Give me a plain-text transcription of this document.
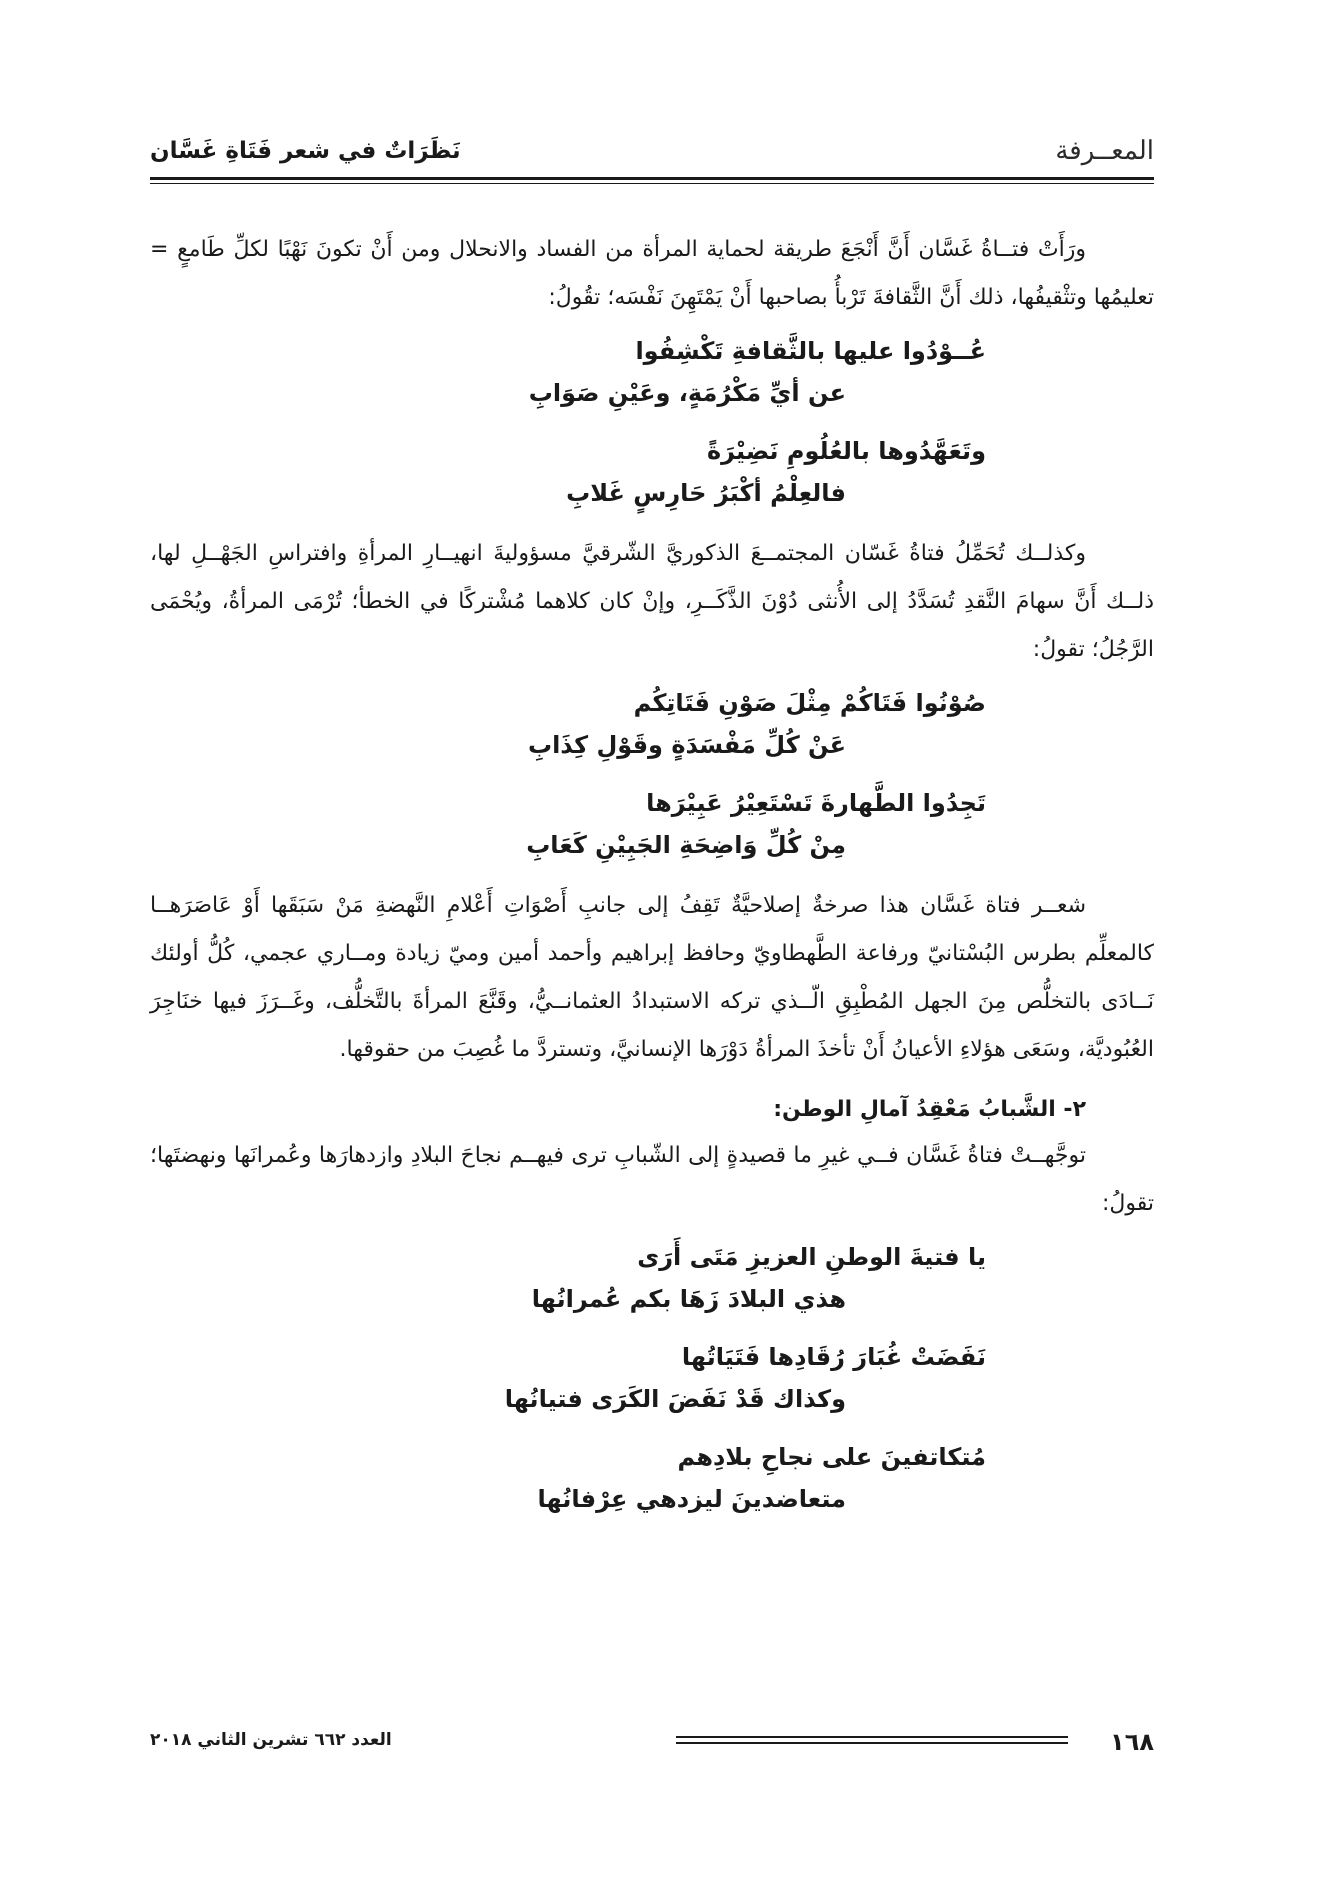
المعــرفة
نَظَرَاتٌ في شعر فَتَاةِ غَسَّان

ورَأَتْ فتــاةُ غَسَّان أَنَّ أَنْجَعَ طريقة لحماية المرأة من الفساد والانحلال ومن أَنْ تكونَ نَهْبًا لكلِّ طَامعٍ = تعليمُها وتثْقيفُها، ذلك أَنَّ الثَّقافةَ تَرْبأُ بصاحبها أَنْ يَمْتَهِنَ نَفْسَه؛ تقُولُ:

عُــوْدُوا عليها بالثَّقافةِ تَكْشِفُوا
عن أيِّ مَكْرُمَةٍ، وعَيْنِ صَوَابِ
وتَعَهَّدُوها بالعُلُومِ نَضِيْرَةً
فالعِلْمُ أكْبَرُ حَارِسٍ غَلابِ

وكذلــك تُحَمِّلُ فتاةُ غَسّان المجتمــعَ الذكوريَّ الشّرقيَّ مسؤوليةَ انهيــارِ المرأةِ وافتراسِ الجَهْــلِ لها، ذلــك أَنَّ سهامَ النَّقدِ تُسَدَّدُ إلى الأُنثى دُوْنَ الذَّكَــرِ، وإنْ كان كلاهما مُشْتركًا في الخطأ؛ تُرْمَى المرأةُ، ويُحْمَى الرَّجُلُ؛ تقولُ:

صُوْنُوا فَتَاكُمْ مِثْلَ صَوْنِ فَتَاتِكُم
عَنْ كُلِّ مَفْسَدَةٍ وقَوْلِ كِذَابِ
تَجِدُوا الطَّهارةَ تَسْتَعِيْرُ عَبِيْرَها
مِنْ كُلِّ وَاضِحَةِ الجَبِيْنِ كَعَابِ

شعــر فتاة غَسَّان هذا صرخةٌ إصلاحيَّةٌ تَقِفُ إلى جانبِ أَصْوَاتِ أَعْلامِ النَّهضةِ مَنْ سَبَقَها أَوْ عَاصَرَهــا كالمعلِّم بطرس البُسْتانيّ ورفاعة الطَّهطاويّ وحافظ إبراهيم وأحمد أمين وميّ زيادة ومــاري عجمي، كُلُّ أولئك نَــادَى بالتخلُّص مِنَ الجهل المُطْبِقِ الّــذي تركه الاستبدادُ العثمانــيُّ، وقَنَّعَ المرأةَ بالتَّخلُّف، وغَــرَزَ فيها خنَاجِرَ العُبُوديَّة، وسَعَى هؤلاءِ الأعيانُ أَنْ تأخذَ المرأةُ دَوْرَها الإنسانيَّ، وتستردَّ ما غُصِبَ من حقوقها.

٢- الشَّبابُ مَعْقِدُ آمالِ الوطن:

توجَّهــتْ فتاةُ غَسَّان فــي غيرِ ما قصيدةٍ إلى الشّبابِ ترى فيهــم نجاحَ البلادِ وازدهارَها وعُمرانَها ونهضتَها؛ تقولُ:

يا فتيةَ الوطنِ العزيزِ مَتَى أَرَى
هذي البلادَ زَهَا بكم عُمرانُها
نَفَضَتْ غُبَارَ رُقَادِها فَتَيَاتُها
وكذاك قَدْ نَفَضَ الكَرَى فتيانُها
مُتكاتفينَ على نجاحِ بلادِهم
متعاضدينَ ليزدهي عِرْفانُها
١٦٨
العدد ٦٦٢ تشرين الثاني ٢٠١٨
